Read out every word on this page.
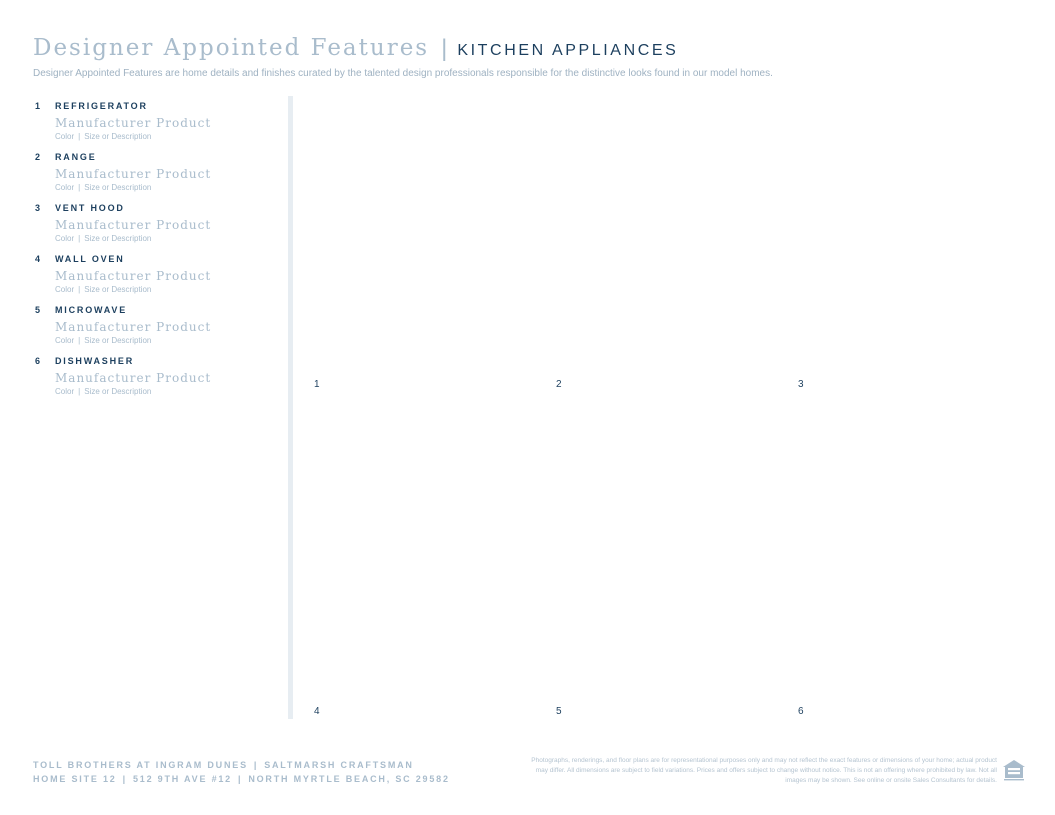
Designer Appointed Features | KITCHEN APPLIANCES
Designer Appointed Features are home details and finishes curated by the talented design professionals responsible for the distinctive looks found in our model homes.
1	REFRIGERATOR
Manufacturer Product
Color | Size or Description
2	RANGE
Manufacturer Product
Color | Size or Description
3	VENT HOOD
Manufacturer Product
Color | Size or Description
4	WALL OVEN
Manufacturer Product
Color | Size or Description
5	MICROWAVE
Manufacturer Product
Color | Size or Description
6	DISHWASHER
Manufacturer Product
Color | Size or Description
1	2	3
4	5	6
TOLL BROTHERS AT INGRAM DUNES | SALTMARSH CRAFTSMAN
HOME SITE 12 | 512 9TH AVE #12 | NORTH MYRTLE BEACH, SC 29582
Photographs, renderings, and floor plans are for representational purposes only and may not reflect the exact features or dimensions of your home; actual product may differ. All dimensions are subject to field variations. Prices and offers subject to change without notice. This is not an offering where prohibited by law. Not all images may be shown. See online or onsite Sales Consultants for details.
